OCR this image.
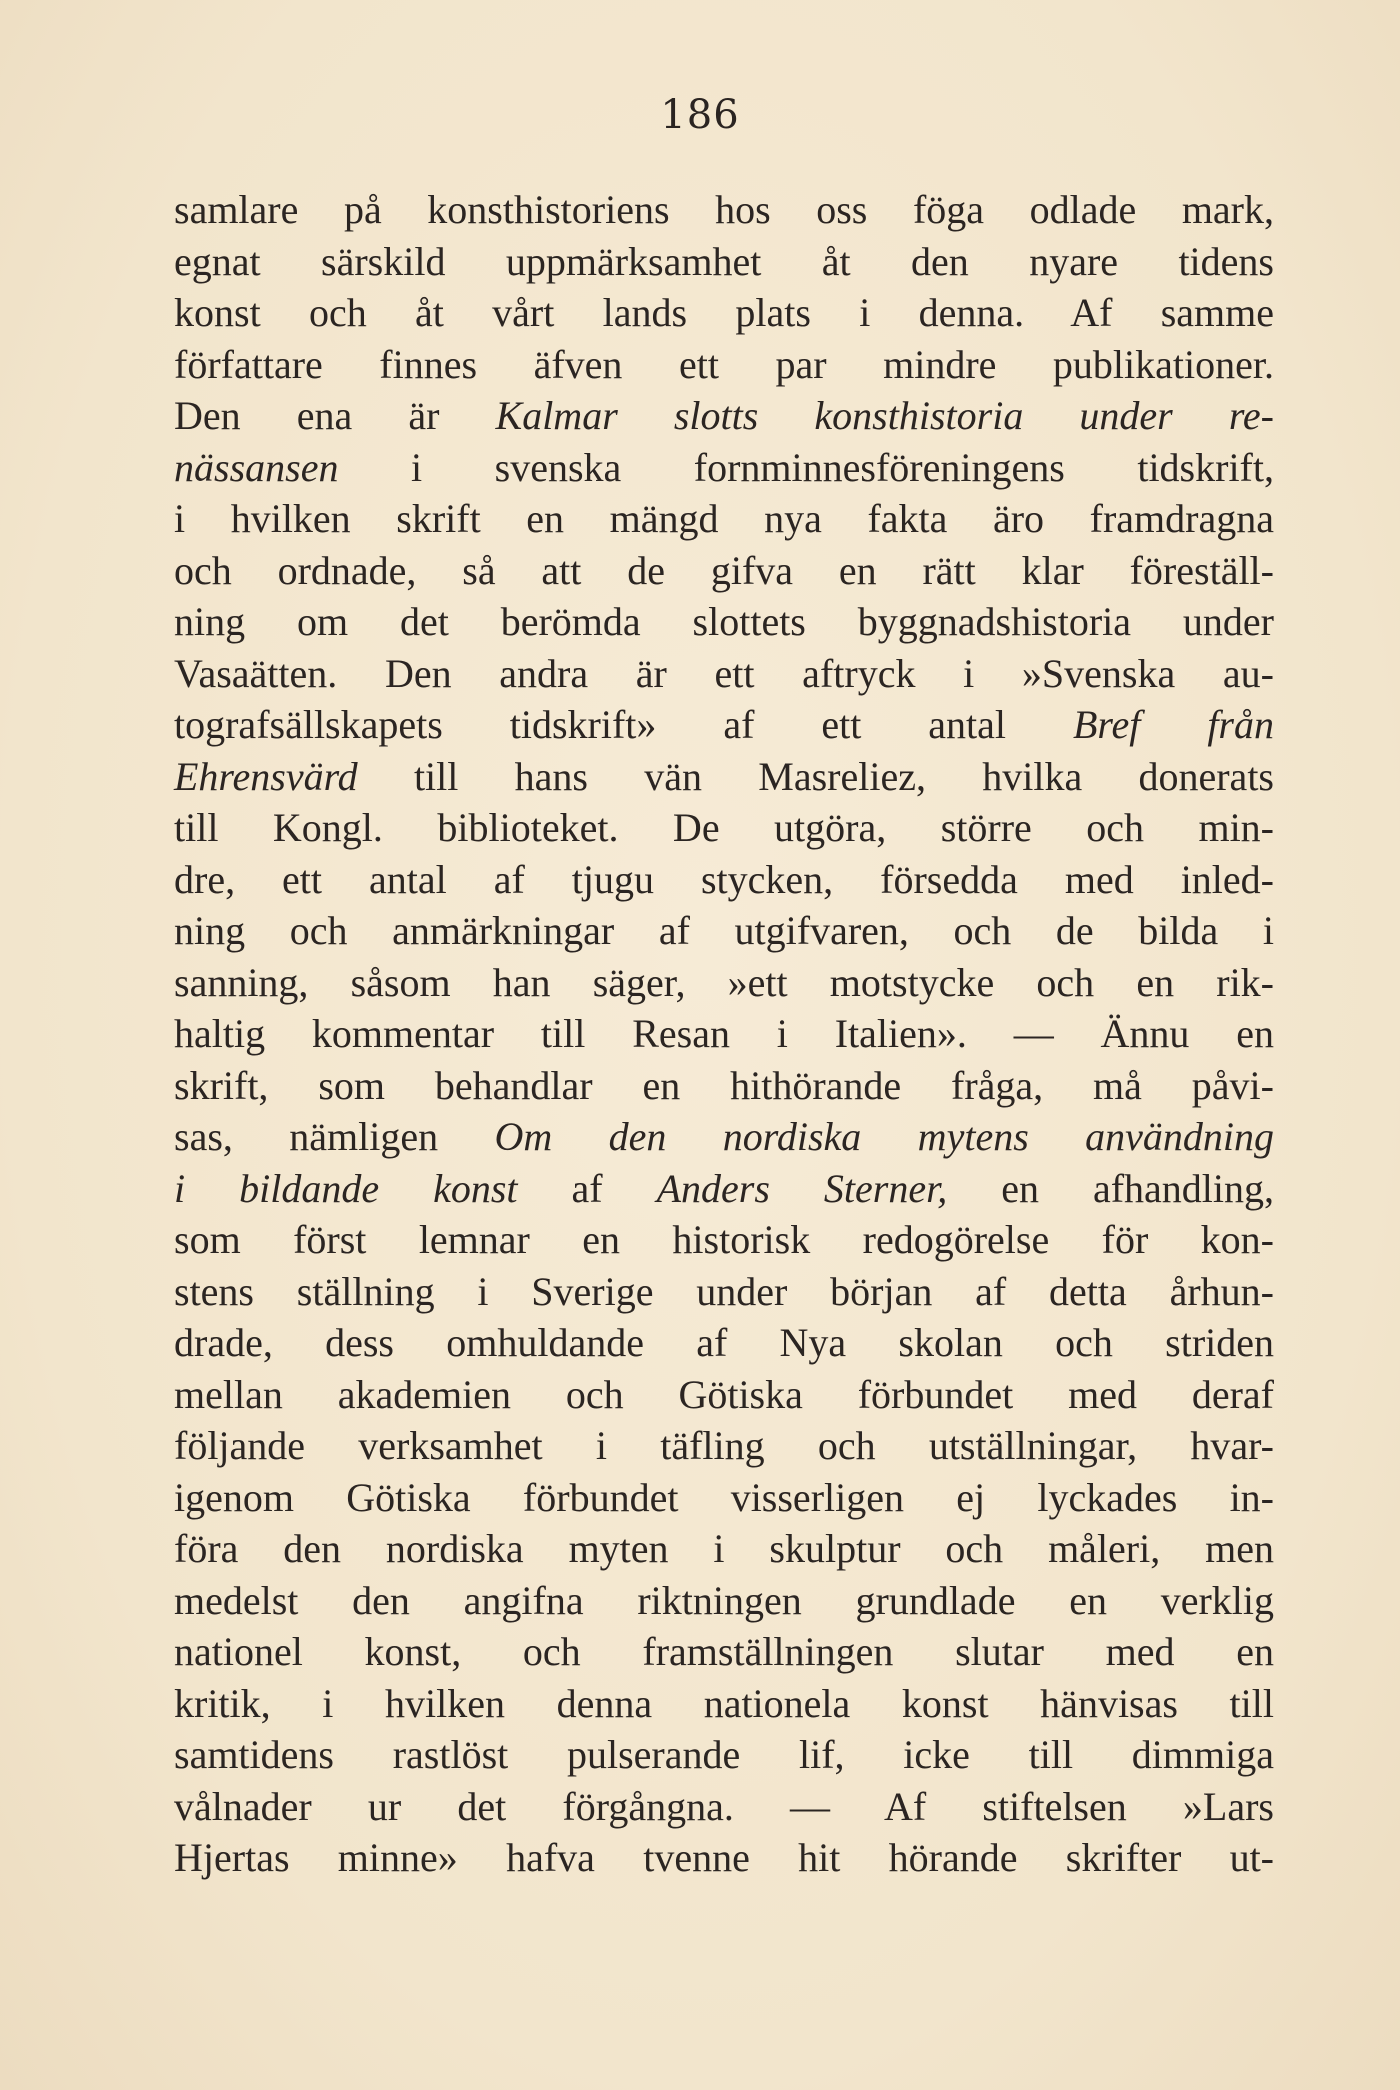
186
samlare på konsthistoriens hos oss föga odlade mark,
egnat särskild uppmärksamhet åt den nyare tidens
konst och åt vårt lands plats i denna. Af samme
författare finnes äfven ett par mindre publikationer.
Den ena är Kalmar slotts konsthistoria under re-
nässansen i svenska fornminnesföreningens tidskrift,
i hvilken skrift en mängd nya fakta äro framdragna
och ordnade, så att de gifva en rätt klar föreställ-
ning om det berömda slottets byggnadshistoria under
Vasaätten. Den andra är ett aftryck i »Svenska au-
tografsällskapets tidskrift» af ett antal Bref från
Ehrensvärd till hans vän Masreliez, hvilka donerats
till Kongl. biblioteket. De utgöra, större och min-
dre, ett antal af tjugu stycken, försedda med inled-
ning och anmärkningar af utgifvaren, och de bilda i
sanning, såsom han säger, »ett motstycke och en rik-
haltig kommentar till Resan i Italien». — Ännu en
skrift, som behandlar en hithörande fråga, må påvi-
sas, nämligen Om den nordiska mytens användning
i bildande konst af Anders Sterner, en afhandling,
som först lemnar en historisk redogörelse för kon-
stens ställning i Sverige under början af detta århun-
drade, dess omhuldande af Nya skolan och striden
mellan akademien och Götiska förbundet med deraf
följande verksamhet i täfling och utställningar, hvar-
igenom Götiska förbundet visserligen ej lyckades in-
föra den nordiska myten i skulptur och måleri, men
medelst den angifna riktningen grundlade en verklig
nationel konst, och framställningen slutar med en
kritik, i hvilken denna nationela konst hänvisas till
samtidens rastlöst pulserande lif, icke till dimmiga
vålnader ur det förgångna. — Af stiftelsen »Lars
Hjertas minne» hafva tvenne hit hörande skrifter ut-
